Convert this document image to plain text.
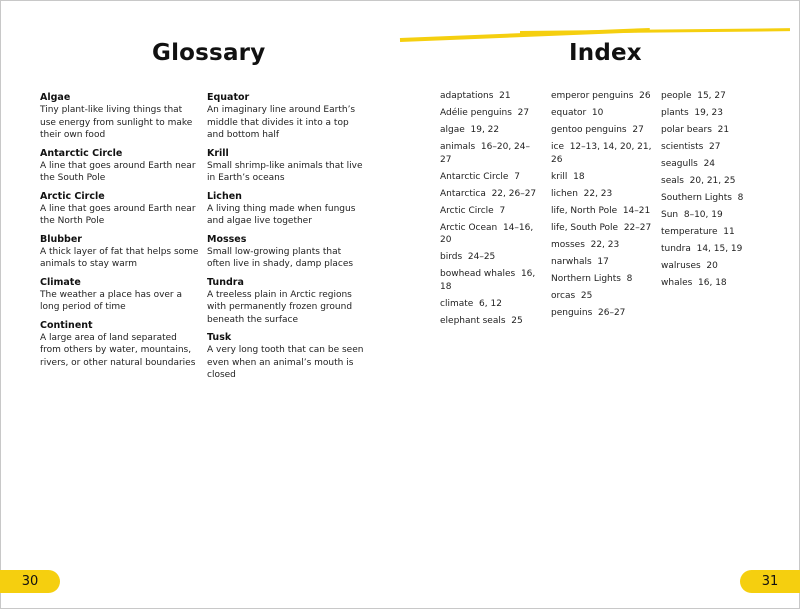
Glossary
Algae
Tiny plant-like living things that use energy from sunlight to make their own food
Antarctic Circle
A line that goes around Earth near the South Pole
Arctic Circle
A line that goes around Earth near the North Pole
Blubber
A thick layer of fat that helps some animals to stay warm
Climate
The weather a place has over a long period of time
Continent
A large area of land separated from others by water, mountains, rivers, or other natural boundaries
Equator
An imaginary line around Earth’s middle that divides it into a top and bottom half
Krill
Small shrimp-like animals that live in Earth’s oceans
Lichen
A living thing made when fungus and algae live together
Mosses
Small low-growing plants that often live in shady, damp places
Tundra
A treeless plain in Arctic regions with permanently frozen ground beneath the surface
Tusk
A very long tooth that can be seen even when an animal’s mouth is closed
30
Index
adaptations  21
Adélie penguins  27
algae  19, 22
animals  16–20, 24–27
Antarctic Circle  7
Antarctica  22, 26–27
Arctic Circle  7
Arctic Ocean  14–16, 20
birds  24–25
bowhead whales  16, 18
climate  6, 12
elephant seals  25
emperor penguins  26
equator  10
gentoo penguins  27
ice  12–13, 14, 20, 21, 26
krill  18
lichen  22, 23
life, North Pole  14–21
life, South Pole  22–27
mosses  22, 23
narwhals  17
Northern Lights  8
orcas  25
penguins  26–27
people  15, 27
plants  19, 23
polar bears  21
scientists  27
seagulls  24
seals  20, 21, 25
Southern Lights  8
Sun  8–10, 19
temperature  11
tundra  14, 15, 19
walruses  20
whales  16, 18
31
